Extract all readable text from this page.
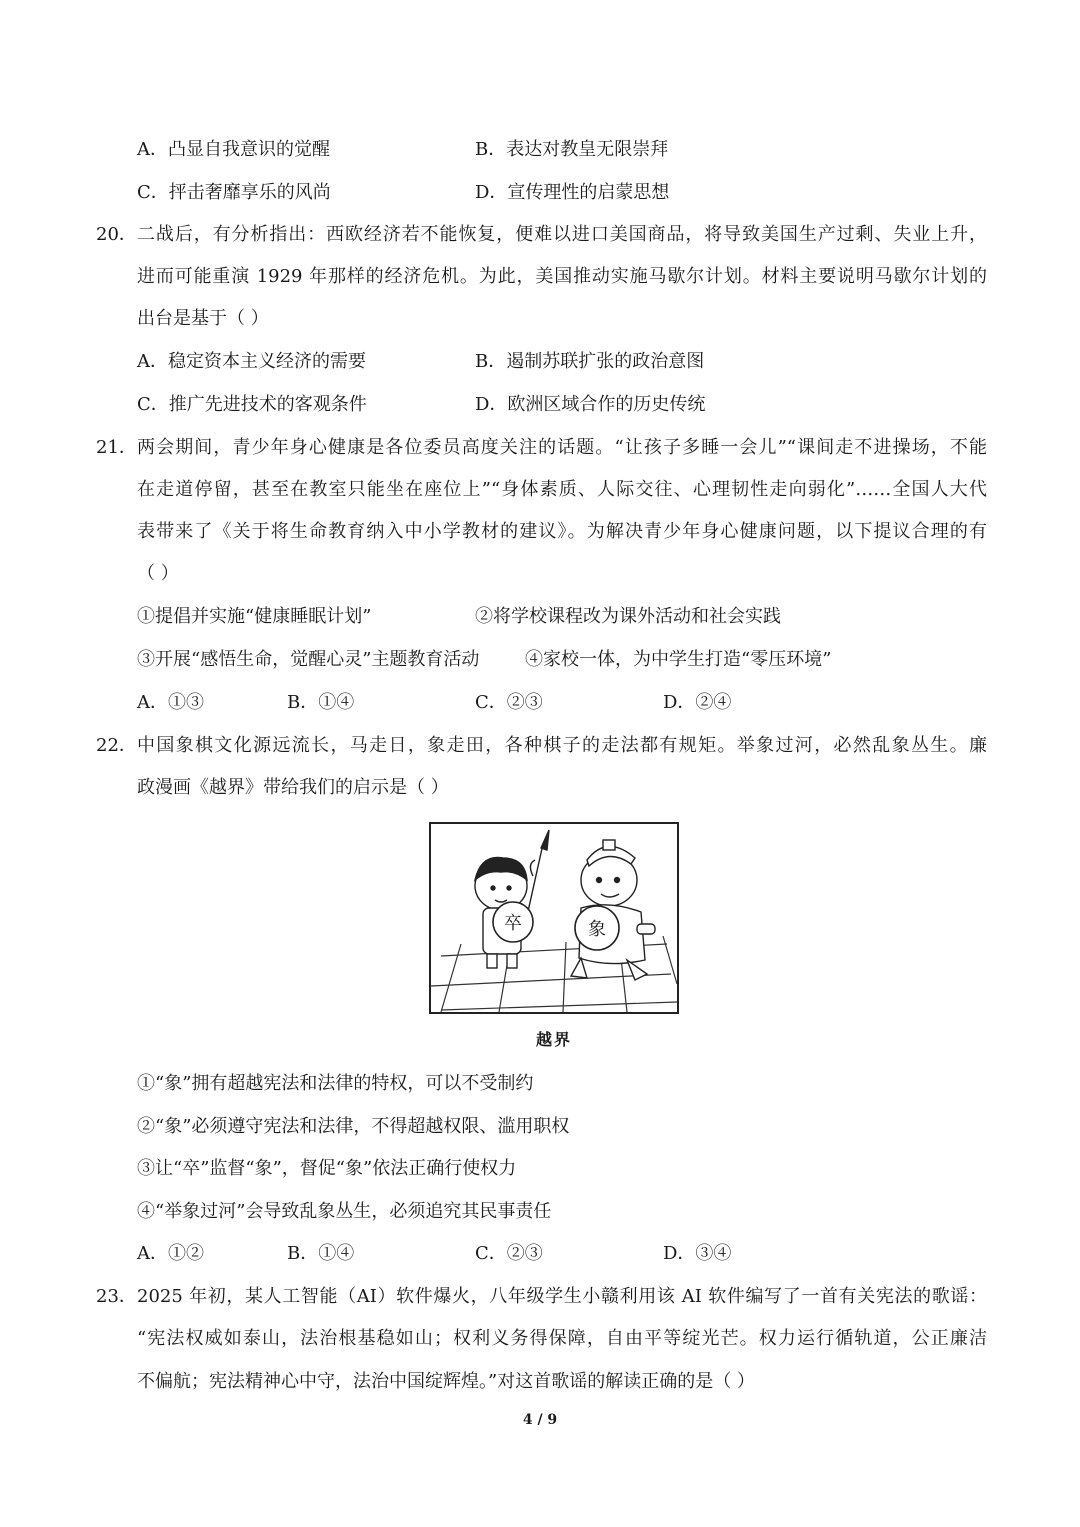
A．凸显自我意识的觉醒	B．表达对教皇无限崇拜
C．抨击奢靡享乐的风尚	D．宣传理性的启蒙思想
20． 二战后，有分析指出：西欧经济若不能恢复，便难以进口美国商品，将导致美国生产过剩、失业上升，
进而可能重演 1929 年那样的经济危机。为此，美国推动实施马歇尔计划。材料主要说明马歇尔计划的
出台是基于（ ）
A．稳定资本主义经济的需要	B．遏制苏联扩张的政治意图
C．推广先进技术的客观条件	D．欧洲区域合作的历史传统
21． 两会期间，青少年身心健康是各位委员高度关注的话题。“让孩子多睡一会儿”“课间走不进操场，不能
在走道停留，甚至在教室只能坐在座位上”“身体素质、人际交往、心理韧性走向弱化”……全国人大代
表带来了《关于将生命教育纳入中小学教材的建议》。为解决青少年身心健康问题，以下提议合理的有
（ ）
①提倡并实施“健康睡眠计划”	②将学校课程改为课外活动和社会实践
③开展“感悟生命，觉醒心灵”主题教育活动	④家校一体，为中学生打造“零压环境”
A．①③	B．①④	C．②③	D．②④
22． 中国象棋文化源远流长，马走日，象走田，各种棋子的走法都有规矩。举象过河，必然乱象丛生。廉
政漫画《越界》带给我们的启示是（ ）
卒	象
越界
①“象”拥有超越宪法和法律的特权，可以不受制约
②“象”必须遵守宪法和法律，不得超越权限、滥用职权
③让“卒”监督“象”，督促“象”依法正确行使权力
④“举象过河”会导致乱象丛生，必须追究其民事责任
A．①②	B．①④	C．②③	D．③④
23． 2025 年初，某人工智能（AI）软件爆火，八年级学生小赣利用该 AI 软件编写了一首有关宪法的歌谣：
“宪法权威如泰山，法治根基稳如山；权利义务得保障，自由平等绽光芒。权力运行循轨道，公正廉洁
不偏航；宪法精神心中守，法治中国绽辉煌。”对这首歌谣的解读正确的是（ ）
4 / 9
